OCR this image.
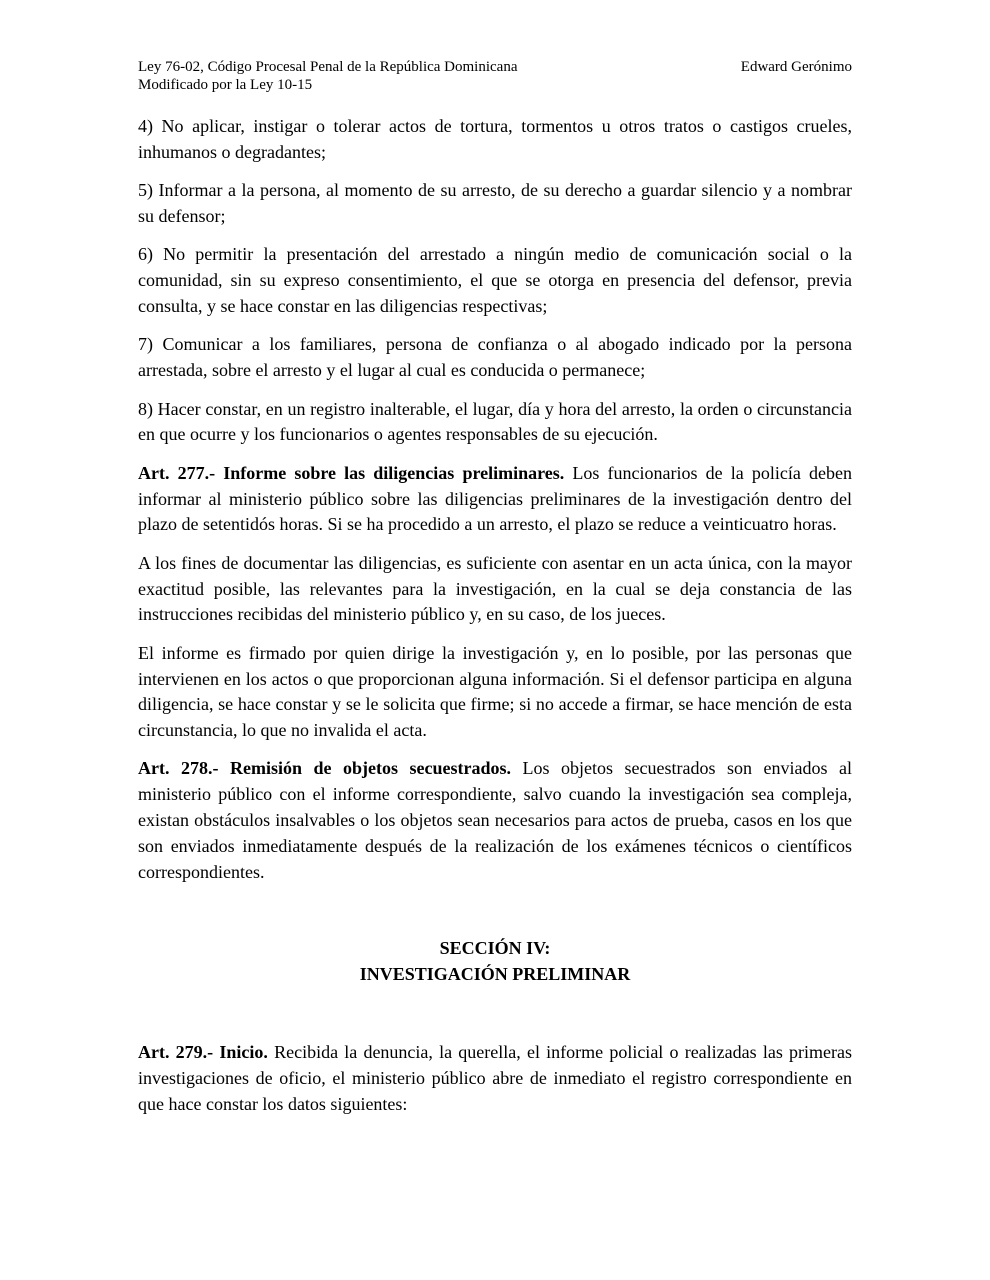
Ley 76-02, Código Procesal Penal de la República Dominicana	Edward Gerónimo
Modificado por la Ley 10-15

4) No aplicar, instigar o tolerar actos de tortura, tormentos u otros tratos o castigos crueles, inhumanos o degradantes;

5) Informar a la persona, al momento de su arresto, de su derecho a guardar silencio y a nombrar su defensor;

6) No permitir la presentación del arrestado a ningún medio de comunicación social o la comunidad, sin su expreso consentimiento, el que se otorga en presencia del defensor, previa consulta, y se hace constar en las diligencias respectivas;

7) Comunicar a los familiares, persona de confianza o al abogado indicado por la persona arrestada, sobre el arresto y el lugar al cual es conducida o permanece;

8) Hacer constar, en un registro inalterable, el lugar, día y hora del arresto, la orden o circunstancia en que ocurre y los funcionarios o agentes responsables de su ejecución.

Art. 277.- Informe sobre las diligencias preliminares. Los funcionarios de la policía deben informar al ministerio público sobre las diligencias preliminares de la investigación dentro del plazo de setentidós horas. Si se ha procedido a un arresto, el plazo se reduce a veinticuatro horas.

A los fines de documentar las diligencias, es suficiente con asentar en un acta única, con la mayor exactitud posible, las relevantes para la investigación, en la cual se deja constancia de las instrucciones recibidas del ministerio público y, en su caso, de los jueces.

El informe es firmado por quien dirige la investigación y, en lo posible, por las personas que intervienen en los actos o que proporcionan alguna información. Si el defensor participa en alguna diligencia, se hace constar y se le solicita que firme; si no accede a firmar, se hace mención de esta circunstancia, lo que no invalida el acta.

Art. 278.- Remisión de objetos secuestrados. Los objetos secuestrados son enviados al ministerio público con el informe correspondiente, salvo cuando la investigación sea compleja, existan obstáculos insalvables o los objetos sean necesarios para actos de prueba, casos en los que son enviados inmediatamente después de la realización de los exámenes técnicos o científicos correspondientes.

SECCIÓN IV:
INVESTIGACIÓN PRELIMINAR

Art. 279.- Inicio. Recibida la denuncia, la querella, el informe policial o realizadas las primeras investigaciones de oficio, el ministerio público abre de inmediato el registro correspondiente en que hace constar los datos siguientes:
